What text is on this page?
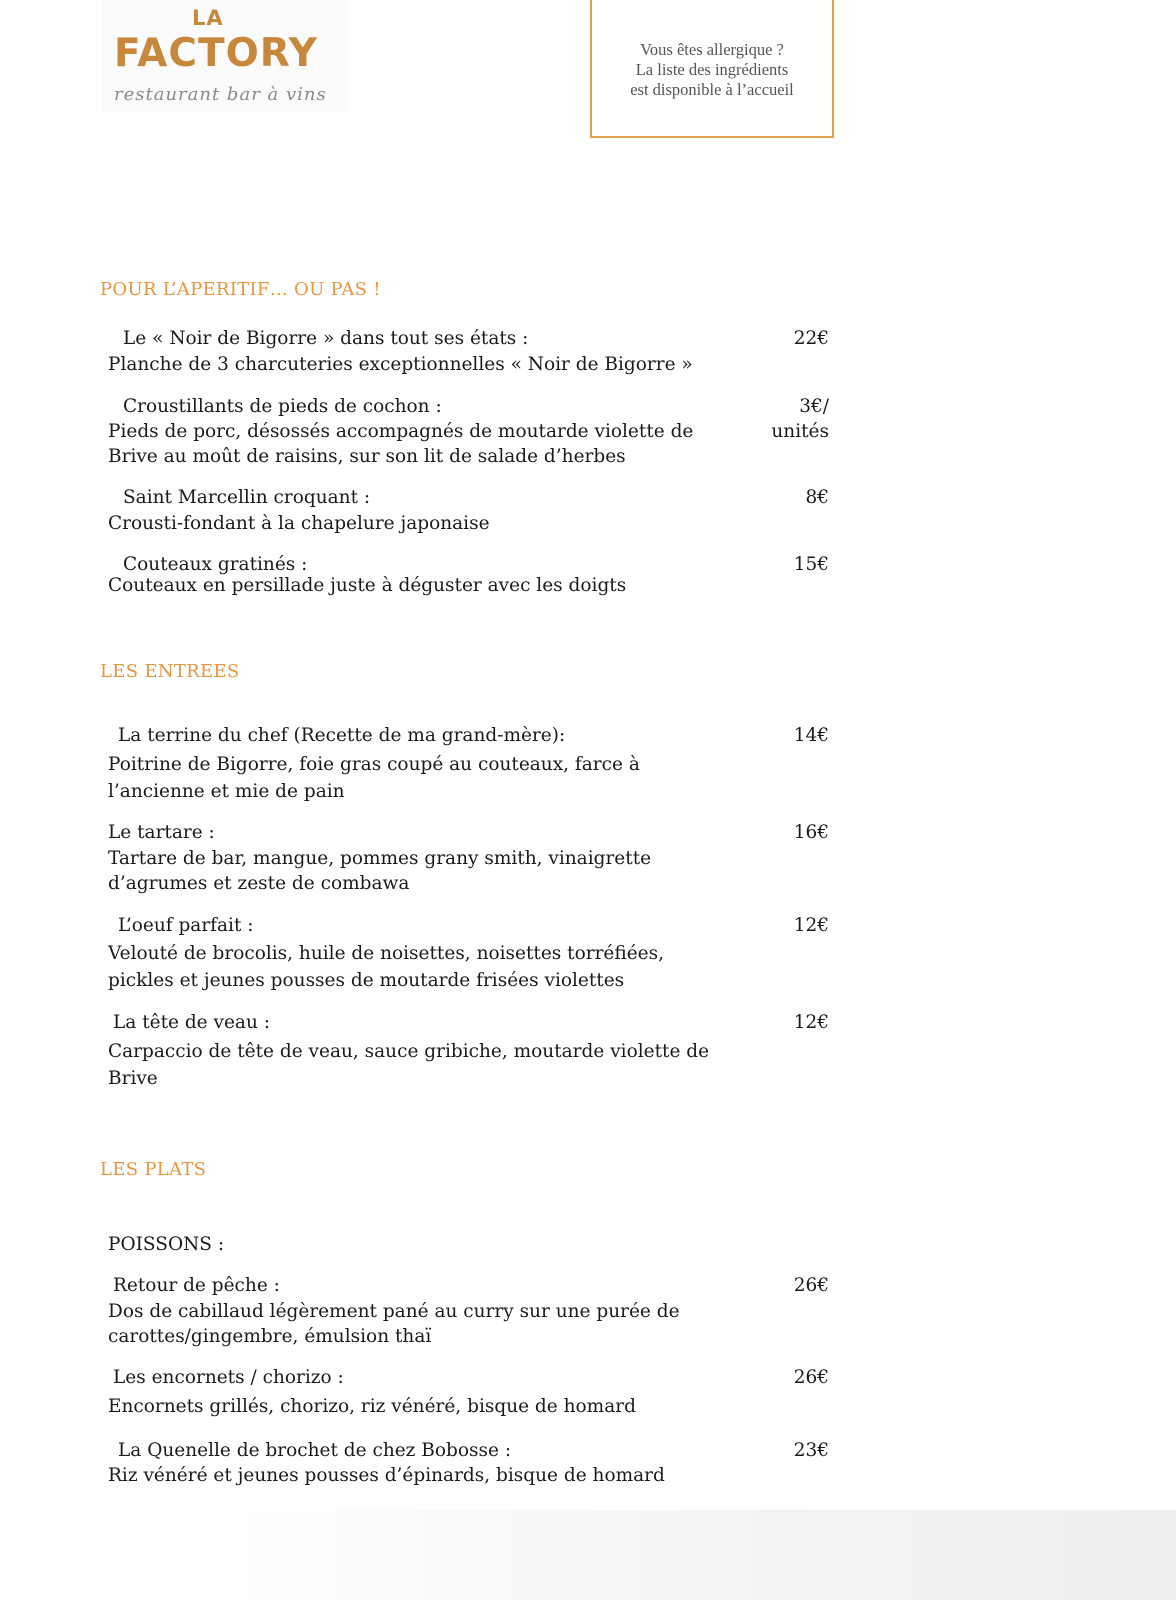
LA
FACTORY
restaurant bar à vins
Vous êtes allergique ?
La liste des ingrédients
est disponible à l’accueil
POUR L’APERITIF… OU PAS !
Le « Noir de Bigorre » dans tout ses états :	22€
Planche de 3 charcuteries exceptionnelles « Noir de Bigorre »
Croustillants de pieds de cochon :	3€/
Pieds de porc, désossés accompagnés de moutarde violette de	unités
Brive au moût de raisins, sur son lit de salade d’herbes
Saint Marcellin croquant :	8€
Crousti-fondant à la chapelure japonaise
Couteaux gratinés :	15€
Couteaux en persillade juste à déguster avec les doigts
LES ENTREES
La terrine du chef (Recette de ma grand-mère):	14€
Poitrine de Bigorre, foie gras coupé au couteaux, farce à
l’ancienne et mie de pain
Le tartare :	16€
Tartare de bar, mangue, pommes grany smith, vinaigrette
d’agrumes et zeste de combawa
L’oeuf parfait :	12€
Velouté de brocolis, huile de noisettes, noisettes torréfiées,
pickles et jeunes pousses de moutarde frisées violettes
La tête de veau :	12€
Carpaccio de tête de veau, sauce gribiche, moutarde violette de
Brive
LES PLATS
POISSONS :
Retour de pêche :	26€
Dos de cabillaud légèrement pané au curry sur une purée de
carottes/gingembre, émulsion thaï
Les encornets / chorizo :	26€
Encornets grillés, chorizo, riz vénéré, bisque de homard
La Quenelle de brochet de chez Bobosse :	23€
Riz vénéré et jeunes pousses d’épinards, bisque de homard
